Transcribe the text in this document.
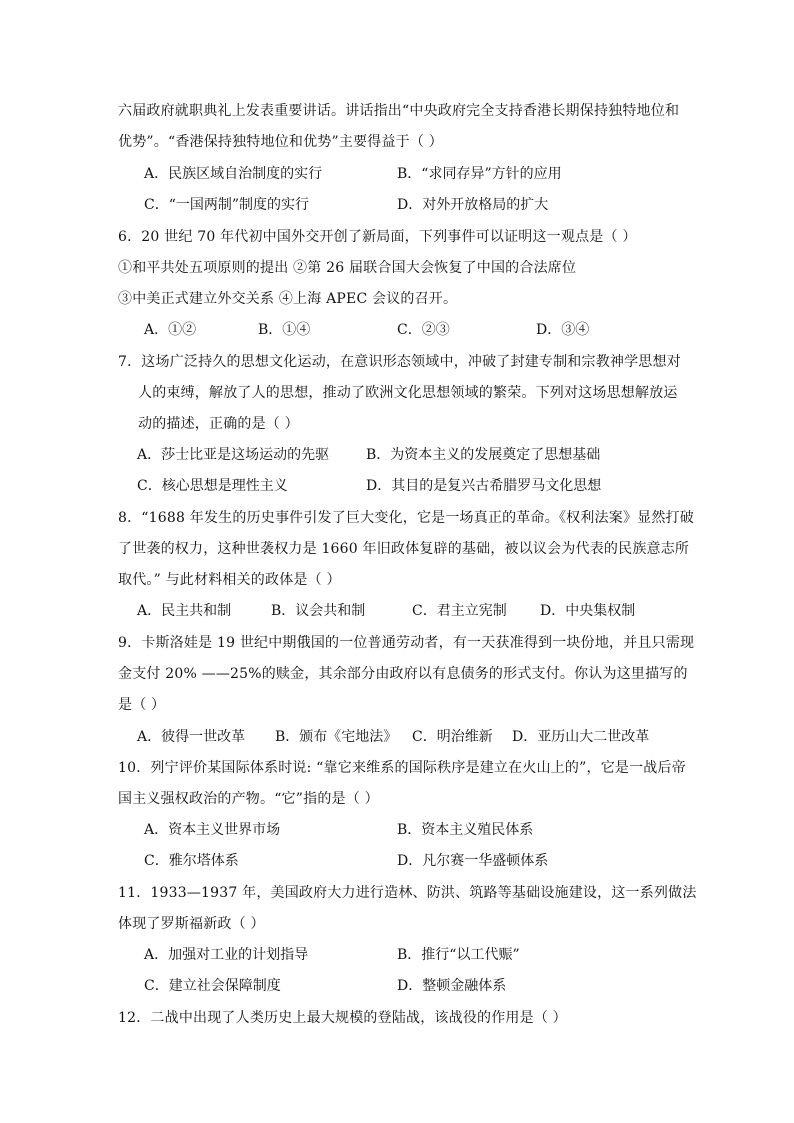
六届政府就职典礼上发表重要讲话。讲话指出“中央政府完全支持香港长期保持独特地位和
优势”。“香港保持独特地位和优势”主要得益于（ ）
A．民族区域自治制度的实行	B．“求同存异”方针的应用
C．“一国两制”制度的实行	D．对外开放格局的扩大
6．20 世纪 70 年代初中国外交开创了新局面，下列事件可以证明这一观点是（ ）
①和平共处五项原则的提出 ②第 26 届联合国大会恢复了中国的合法席位
③中美正式建立外交关系 ④上海 APEC 会议的召开。
A．①②	B．①④	C．②③	D．③④
7．这场广泛持久的思想文化运动，在意识形态领域中，冲破了封建专制和宗教神学思想对
人的束缚，解放了人的思想，推动了欧洲文化思想领域的繁荣。下列对这场思想解放运
动的描述，正确的是（ ）
A．莎士比亚是这场运动的先驱	B．为资本主义的发展奠定了思想基础
C．核心思想是理性主义	D．其目的是复兴古希腊罗马文化思想
8．“1688 年发生的历史事件引发了巨大变化，它是一场真正的革命。《权利法案》显然打破
了世袭的权力，这种世袭权力是 1660 年旧政体复辟的基础，被以议会为代表的民族意志所
取代。” 与此材料相关的政体是（ ）
A．民主共和制	B．议会共和制	C．君主立宪制 D．中央集权制
9．卡斯洛娃是 19 世纪中期俄国的一位普通劳动者，有一天获准得到一块份地，并且只需现
金支付 20% ——25%的赎金，其余部分由政府以有息债务的形式支付。你认为这里描写的
是（ ）
A．彼得一世改革 B．颁布《宅地法》 C．明治维新 D．亚历山大二世改革
10．列宁评价某国际体系时说: “靠它来维系的国际秩序是建立在火山上的”，它是一战后帝
国主义强权政治的产物。“它”指的是（ ）
A．资本主义世界市场	B．资本主义殖民体系
C．雅尔塔体系	D．凡尔赛一华盛顿体系
11．1933—1937 年，美国政府大力进行造林、防洪、筑路等基础设施建设，这一系列做法
体现了罗斯福新政（ ）
A．加强对工业的计划指导	B．推行“以工代赈”
C．建立社会保障制度	D．整顿金融体系
12．二战中出现了人类历史上最大规模的登陆战，该战役的作用是（ ）
